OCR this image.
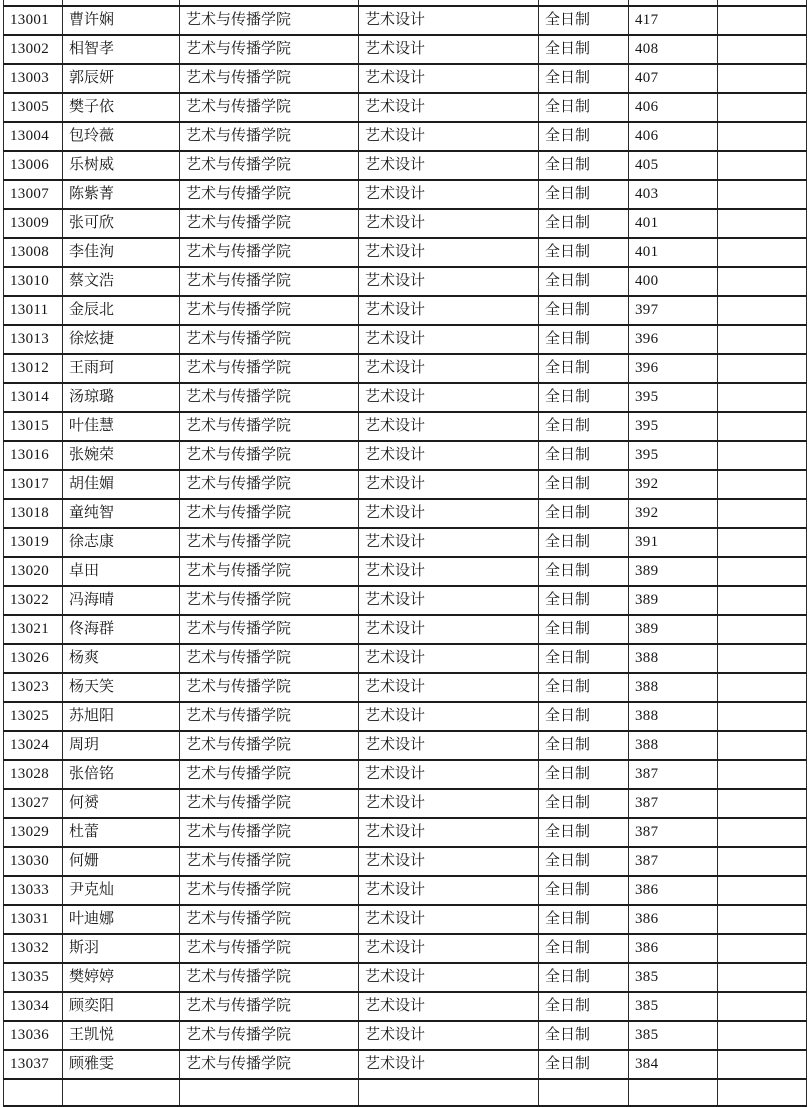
13001	曹许娴	艺术与传播学院	艺术设计	全日制	417	
13002	相智孝	艺术与传播学院	艺术设计	全日制	408	
13003	郭辰妍	艺术与传播学院	艺术设计	全日制	407	
13005	樊子依	艺术与传播学院	艺术设计	全日制	406	
13004	包玲薇	艺术与传播学院	艺术设计	全日制	406	
13006	乐树威	艺术与传播学院	艺术设计	全日制	405	
13007	陈紫菁	艺术与传播学院	艺术设计	全日制	403	
13009	张可欣	艺术与传播学院	艺术设计	全日制	401	
13008	李佳洵	艺术与传播学院	艺术设计	全日制	401	
13010	蔡文浩	艺术与传播学院	艺术设计	全日制	400	
13011	金辰北	艺术与传播学院	艺术设计	全日制	397	
13013	徐炫捷	艺术与传播学院	艺术设计	全日制	396	
13012	王雨珂	艺术与传播学院	艺术设计	全日制	396	
13014	汤琼璐	艺术与传播学院	艺术设计	全日制	395	
13015	叶佳慧	艺术与传播学院	艺术设计	全日制	395	
13016	张婉荣	艺术与传播学院	艺术设计	全日制	395	
13017	胡佳媚	艺术与传播学院	艺术设计	全日制	392	
13018	童纯智	艺术与传播学院	艺术设计	全日制	392	
13019	徐志康	艺术与传播学院	艺术设计	全日制	391	
13020	卓田	艺术与传播学院	艺术设计	全日制	389	
13022	冯海晴	艺术与传播学院	艺术设计	全日制	389	
13021	佟海群	艺术与传播学院	艺术设计	全日制	389	
13026	杨爽	艺术与传播学院	艺术设计	全日制	388	
13023	杨天笑	艺术与传播学院	艺术设计	全日制	388	
13025	苏旭阳	艺术与传播学院	艺术设计	全日制	388	
13024	周玥	艺术与传播学院	艺术设计	全日制	388	
13028	张倍铭	艺术与传播学院	艺术设计	全日制	387	
13027	何赟	艺术与传播学院	艺术设计	全日制	387	
13029	杜蕾	艺术与传播学院	艺术设计	全日制	387	
13030	何姗	艺术与传播学院	艺术设计	全日制	387	
13033	尹克灿	艺术与传播学院	艺术设计	全日制	386	
13031	叶迪娜	艺术与传播学院	艺术设计	全日制	386	
13032	斯羽	艺术与传播学院	艺术设计	全日制	386	
13035	樊婷婷	艺术与传播学院	艺术设计	全日制	385	
13034	顾奕阳	艺术与传播学院	艺术设计	全日制	385	
13036	王凯悦	艺术与传播学院	艺术设计	全日制	385	
13037	顾雅雯	艺术与传播学院	艺术设计	全日制	384	
